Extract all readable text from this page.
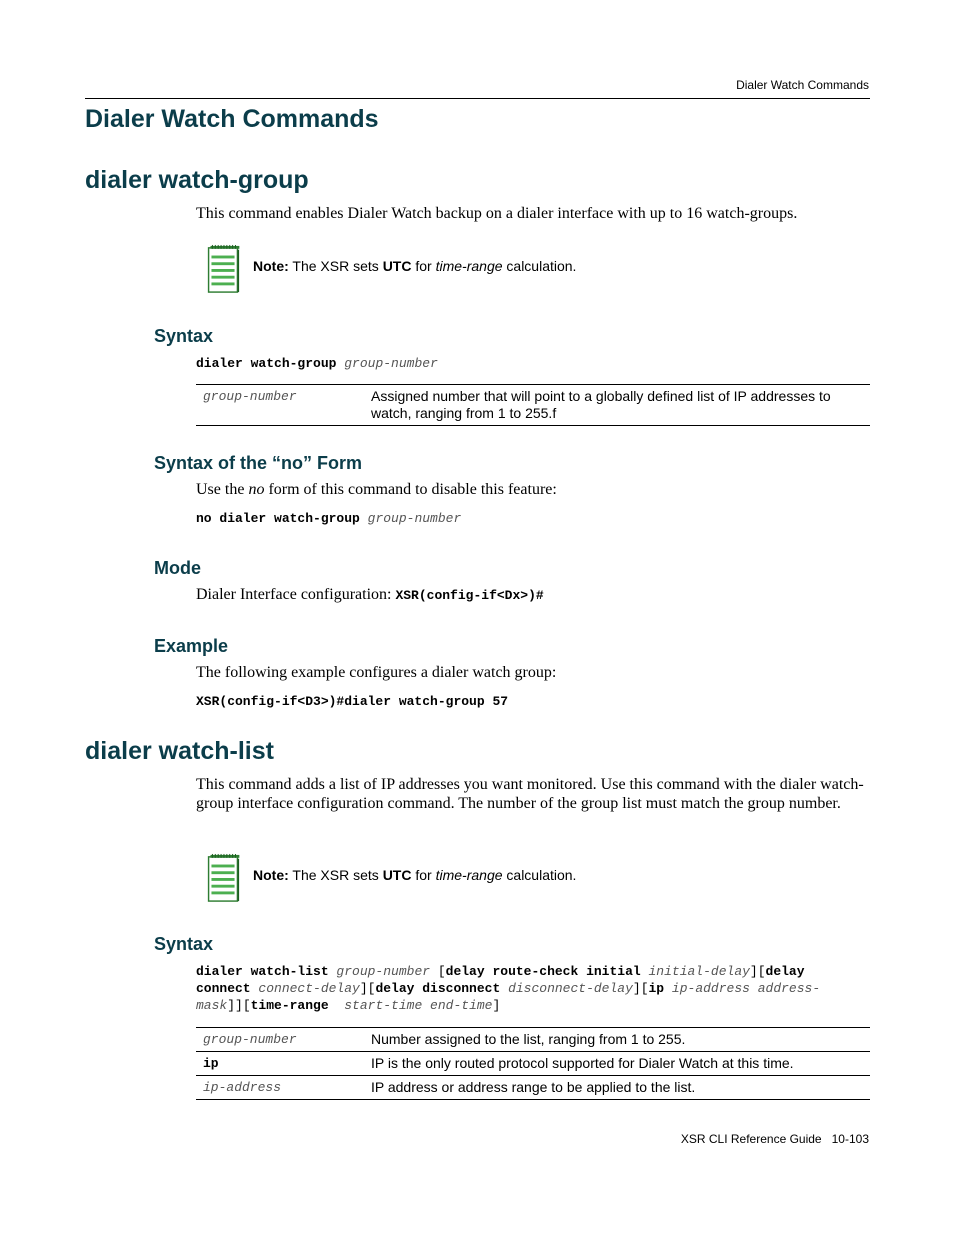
Dialer Watch Commands
Dialer Watch Commands
dialer watch-group
This command enables Dialer Watch backup on a dialer interface with up to 16 watch-groups.
Note: The XSR sets UTC for time-range calculation.
Syntax
dialer watch-group group-number
group-number	Assigned number that will point to a globally defined list of IP addresses to watch, ranging from 1 to 255.f
Syntax of the “no” Form
Use the no form of this command to disable this feature:
no dialer watch-group group-number
Mode
Dialer Interface configuration: XSR(config-if<Dx>)#
Example
The following example configures a dialer watch group:
XSR(config-if<D3>)#dialer watch-group 57
dialer watch-list
This command adds a list of IP addresses you want monitored. Use this command with the dialer watch-group interface configuration command. The number of the group list must match the group number.
Note: The XSR sets UTC for time-range calculation.
Syntax
dialer watch-list group-number [delay route-check initial initial-delay][delay
connect connect-delay][delay disconnect disconnect-delay][ip ip-address address-
mask]][time-range  start-time end-time]
group-number	Number assigned to the list, ranging from 1 to 255.
ip	IP is the only routed protocol supported for Dialer Watch at this time.
ip-address	IP address or address range to be applied to the list.
XSR CLI Reference Guide 10-103
